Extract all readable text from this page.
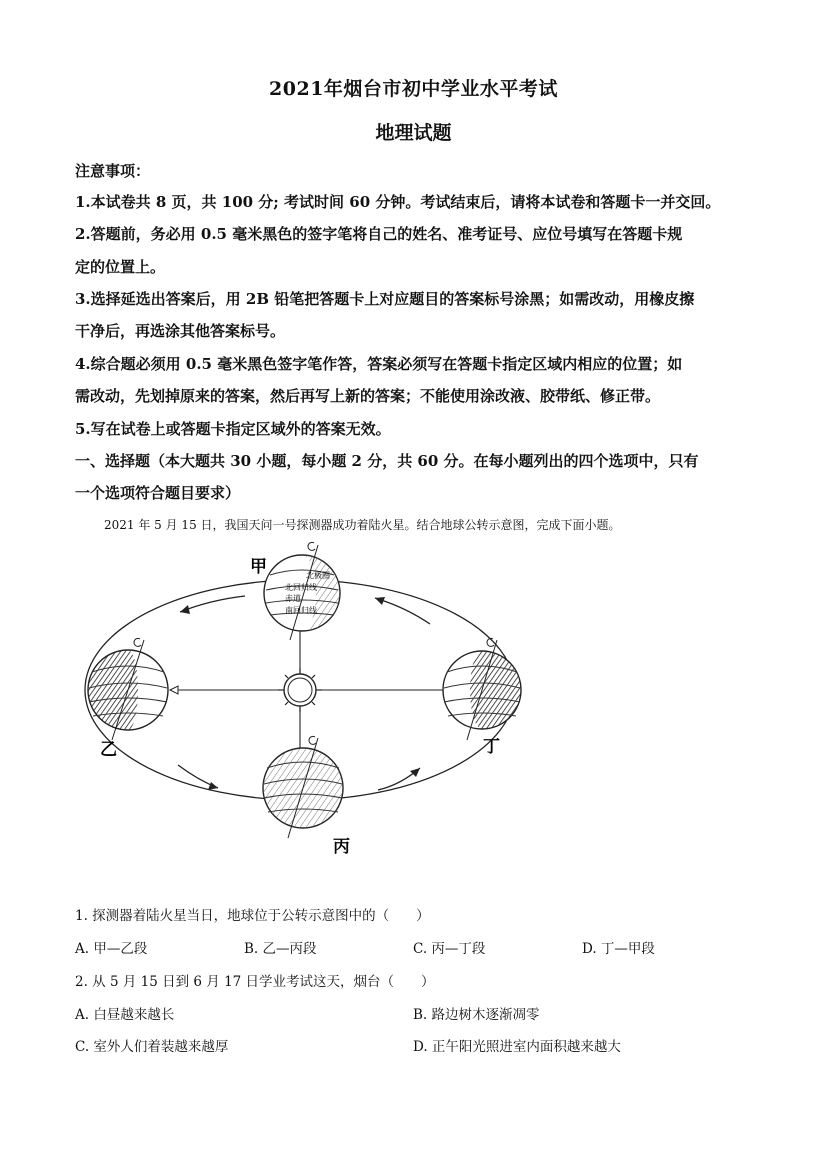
2021年烟台市初中学业水平考试
地理试题
注意事项：
1.本试卷共 8 页，共 100 分; 考试时间 60 分钟。考试结束后，请将本试卷和答题卡一并交回。
2.答题前，务必用 0.5 毫米黑色的签字笔将自己的姓名、准考证号、应位号填写在答题卡规
定的位置上。
3.选择延选出答案后，用 2B 铅笔把答题卡上对应题目的答案标号涂黑；如需改动，用橡皮擦
干净后，再选涂其他答案标号。
4.综合题必须用 0.5 毫米黑色签字笔作答，答案必须写在答题卡指定区域内相应的位置；如
需改动，先划掉原来的答案，然后再写上新的答案；不能使用涂改液、胶带纸、修正带。
5.写在试卷上或答题卡指定区域外的答案无效。
一、选择题（本大题共 30 小题，每小题 2 分，共 60 分。在每小题列出的四个选项中，只有
一个选项符合题目要求）
2021 年 5 月 15 日，我国天问一号探测器成功着陆火星。结合地球公转示意图，完成下面小题。
北极圈
北回归线
赤道
南回归线
甲
乙	丁
丙
1. 探测器着陆火星当日，地球位于公转示意图中的（　　）
A. 甲—乙段	B. 乙—丙段	C. 丙—丁段	D. 丁—甲段
2. 从 5 月 15 日到 6 月 17 日学业考试这天，烟台（　　）
A. 白昼越来越长	B. 路边树木逐渐凋零
C. 室外人们着装越来越厚	D. 正午阳光照进室内面积越来越大
